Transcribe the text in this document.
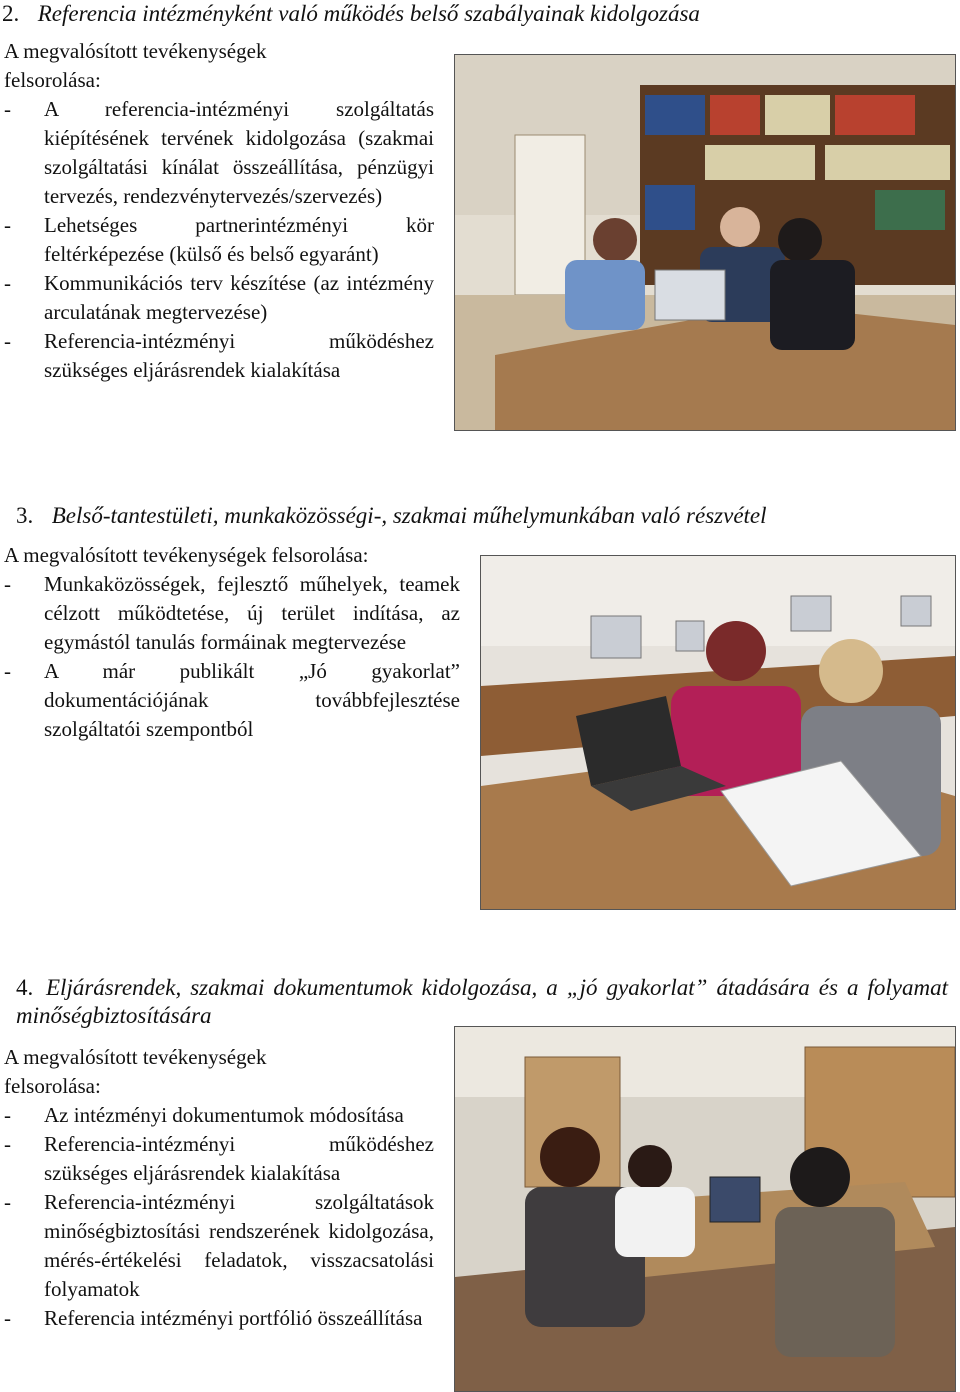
2. Referencia intézményként való működés belső szabályainak kidolgozása
A megvalósított tevékenységek felsorolása:
- A referencia-intézményi szolgáltatás kiépítésének tervének kidolgozása (szakmai szolgáltatási kínálat összeállítása, pénzügyi tervezés, rendezvénytervezés/szervezés)
- Lehetséges partnerintézményi kör feltérképezése (külső és belső egyaránt)
- Kommunikációs terv készítése (az intézmény arculatának megtervezése)
- Referencia-intézményi működéshez szükséges eljárásrendek kialakítása
3. Belső-tantestületi, munkaközösségi-, szakmai műhelymunkában való részvétel
A megvalósított tevékenységek felsorolása:
- Munkaközösségek, fejlesztő műhelyek, teamek célzott működtetése, új terület indítása, az egymástól tanulás formáinak megtervezése
- A már publikált „Jó gyakorlat” dokumentációjának továbbfejlesztése szolgáltatói szempontból
4. Eljárásrendek, szakmai dokumentumok kidolgozása, a „jó gyakorlat” átadására és a folyamat minőségbiztosítására
A megvalósított tevékenységek felsorolása:
- Az intézményi dokumentumok módosítása
- Referencia-intézményi működéshez szükséges eljárásrendek kialakítása
- Referencia-intézményi szolgáltatások minőségbiztosítási rendszerének kidolgozása, mérés-értékelési feladatok, visszacsatolási folyamatok
- Referencia intézményi portfólió összeállítása
